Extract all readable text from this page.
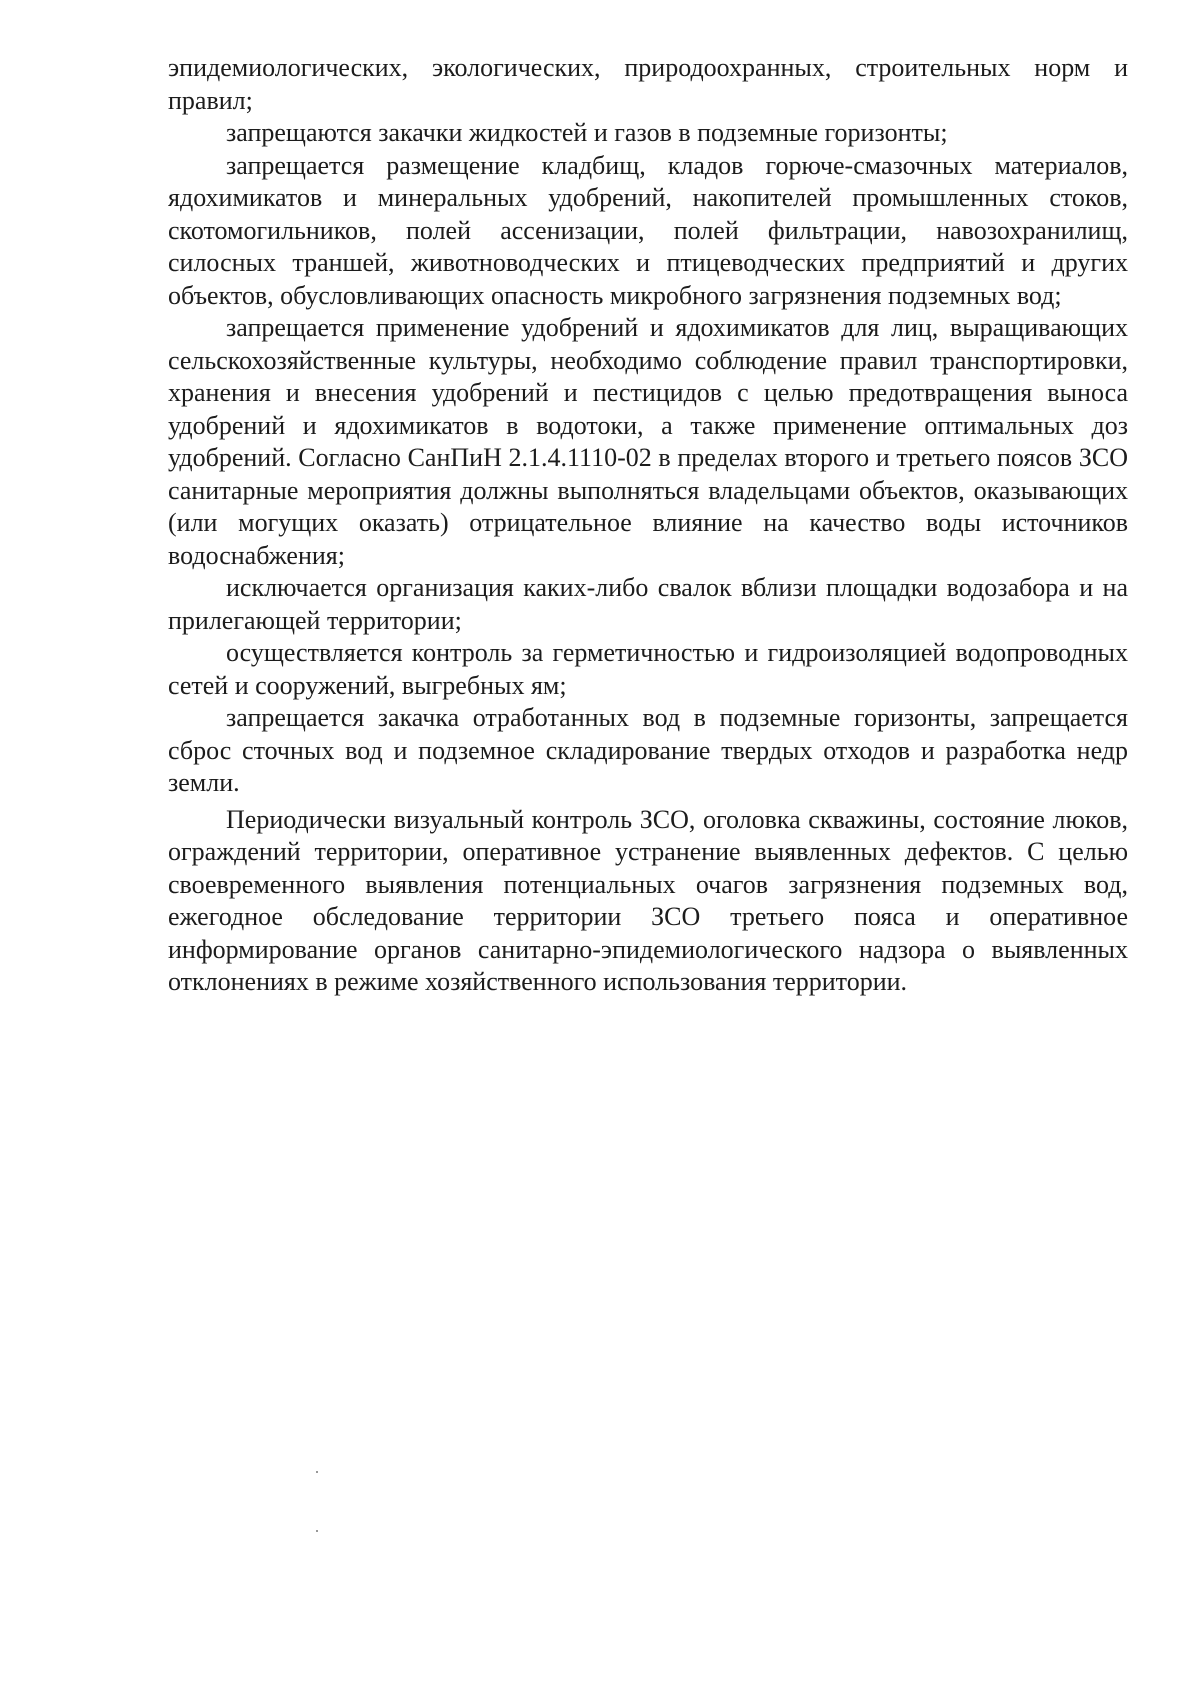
эпидемиологических, экологических, природоохранных, строительных норм и правил;

запрещаются закачки жидкостей и газов в подземные горизонты;

запрещается размещение кладбищ, кладов горюче-смазочных материалов, ядохимикатов и минеральных удобрений, накопителей промышленных стоков, скотомогильников, полей ассенизации, полей фильтрации, навозохранилищ, силосных траншей, животноводческих и птицеводческих предприятий и других объектов, обусловливающих опасность микробного загрязнения подземных вод;

запрещается применение удобрений и ядохимикатов для лиц, выращивающих сельскохозяйственные культуры, необходимо соблюдение правил транспортировки, хранения и внесения удобрений и пестицидов с целью предотвращения выноса удобрений и ядохимикатов в водотоки, а также применение оптимальных доз удобрений. Согласно СанПиН 2.1.4.1110-02 в пределах второго и третьего поясов ЗСО санитарные мероприятия должны выполняться владельцами объектов, оказывающих (или могущих оказать) отрицательное влияние на качество воды источников водоснабжения;

исключается организация каких-либо свалок вблизи площадки водозабора и на прилегающей территории;

осуществляется контроль за герметичностью и гидроизоляцией водопроводных сетей и сооружений, выгребных ям;

запрещается закачка отработанных вод в подземные горизонты, запрещается сброс сточных вод и подземное складирование твердых отходов и разработка недр земли.

Периодически визуальный контроль ЗСО, оголовка скважины, состояние люков, ограждений территории, оперативное устранение выявленных дефектов. С целью своевременного выявления потенциальных очагов загрязнения подземных вод, ежегодное обследование территории ЗСО третьего пояса и оперативное информирование органов санитарно-эпидемиологического надзора о выявленных отклонениях в режиме хозяйственного использования территории.
